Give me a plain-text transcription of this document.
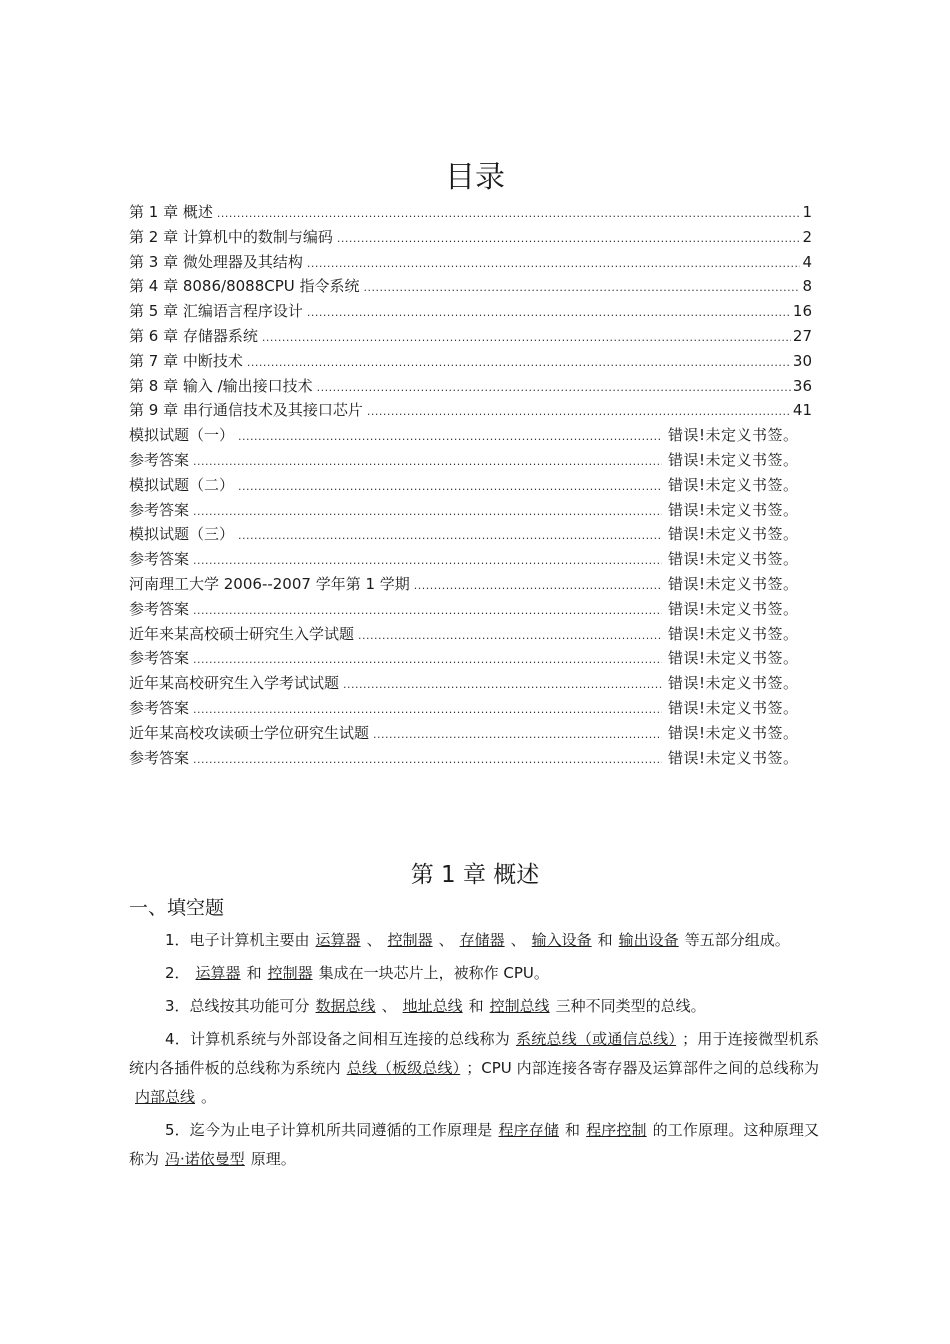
目录
第 1 章 概述 .....	1
第 2 章 计算机中的数制与编码 .....	2
第 3 章 微处理器及其结构 .....	4
第 4 章 8086/8088CPU 指令系统 .....	8
第 5 章 汇编语言程序设计 .....	16
第 6 章 存储器系统 .....	27
第 7 章 中断技术 .....	30
第 8 章 输入 /输出接口技术 .....	36
第 9 章 串行通信技术及其接口芯片 .....	41
模拟试题（一） .....	错误!未定义书签。
参考答案 .....	错误!未定义书签。
模拟试题（二） .....	错误!未定义书签。
参考答案 .....	错误!未定义书签。
模拟试题（三） .....	错误!未定义书签。
参考答案 .....	错误!未定义书签。
河南理工大学 2006--2007 学年第 1 学期 .....	错误!未定义书签。
参考答案 .....	错误!未定义书签。
近年来某高校硕士研究生入学试题 .....	错误!未定义书签。
参考答案 .....	错误!未定义书签。
近年某高校研究生入学考试试题 .....	错误!未定义书签。
参考答案 .....	错误!未定义书签。
近年某高校攻读硕士学位研究生试题 .....	错误!未定义书签。
参考答案 .....	错误!未定义书签。
第 1 章 概述
一、填空题

1．电子计算机主要由 运算器 、 控制器 、 存储器 、 输入设备 和 输出设备 等五部分组成。

2． 运算器 和 控制器 集成在一块芯片上，被称作 CPU。

3．总线按其功能可分 数据总线 、 地址总线 和 控制总线 三种不同类型的总线。

4．计算机系统与外部设备之间相互连接的总线称为 系统总线（或通信总线） ；用于连接微型机系统内各插件板的总线称为系统内 总线（板级总线） ；CPU 内部连接各寄存器及运算部件之间的总线称为内部总线 。

5．迄今为止电子计算机所共同遵循的工作原理是 程序存储 和 程序控制 的工作原理。这种原理又称为 冯·诺依曼型 原理。
